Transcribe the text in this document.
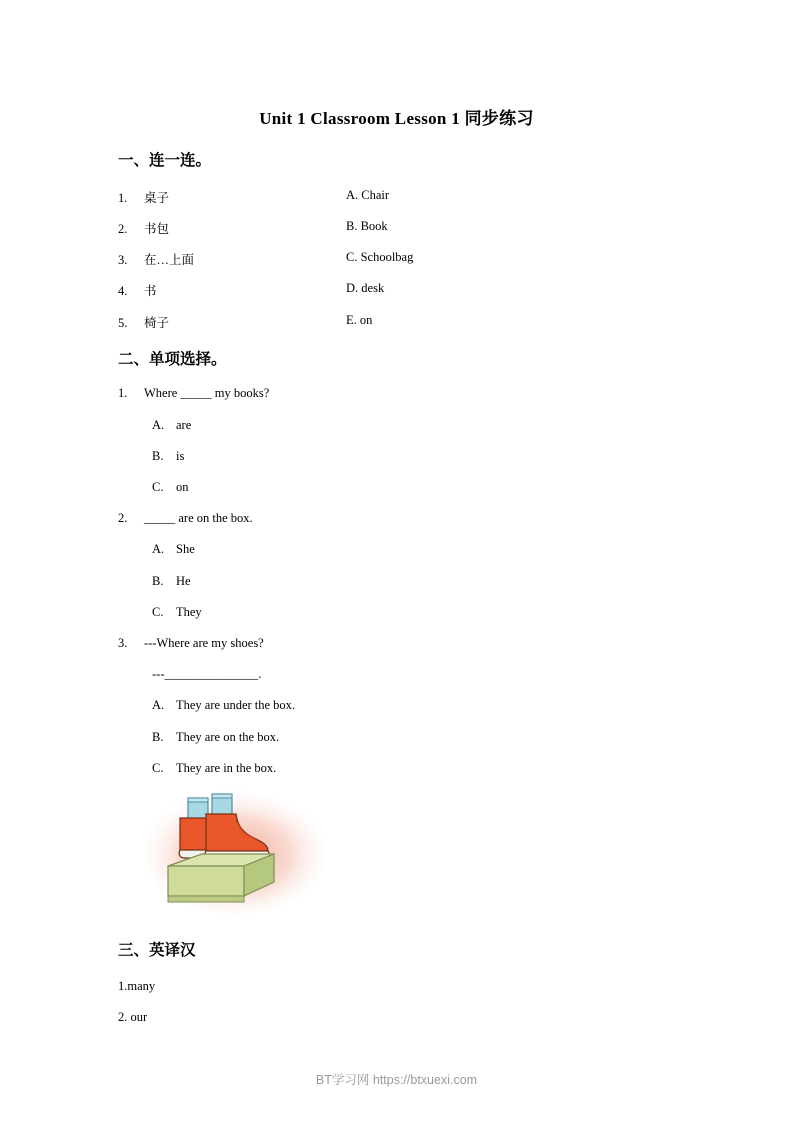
Unit 1 Classroom Lesson 1 同步练习
一、连一连。
1. 桌子	A. Chair
2. 书包	B. Book
3. 在…上面	C. Schoolbag
4. 书	D. desk
5. 椅子	E. on
二、单项选择。
1. Where _____ my books?
A. are
B. is
C. on
2. _____ are on the box.
A. She
B. He
C. They
3. ---Where are my shoes?
---_______________.
A. They are under the box.
B. They are on the box.
C. They are in the box.
三、英译汉
1.many
2. our
BT学习网 https://btxuexi.com
